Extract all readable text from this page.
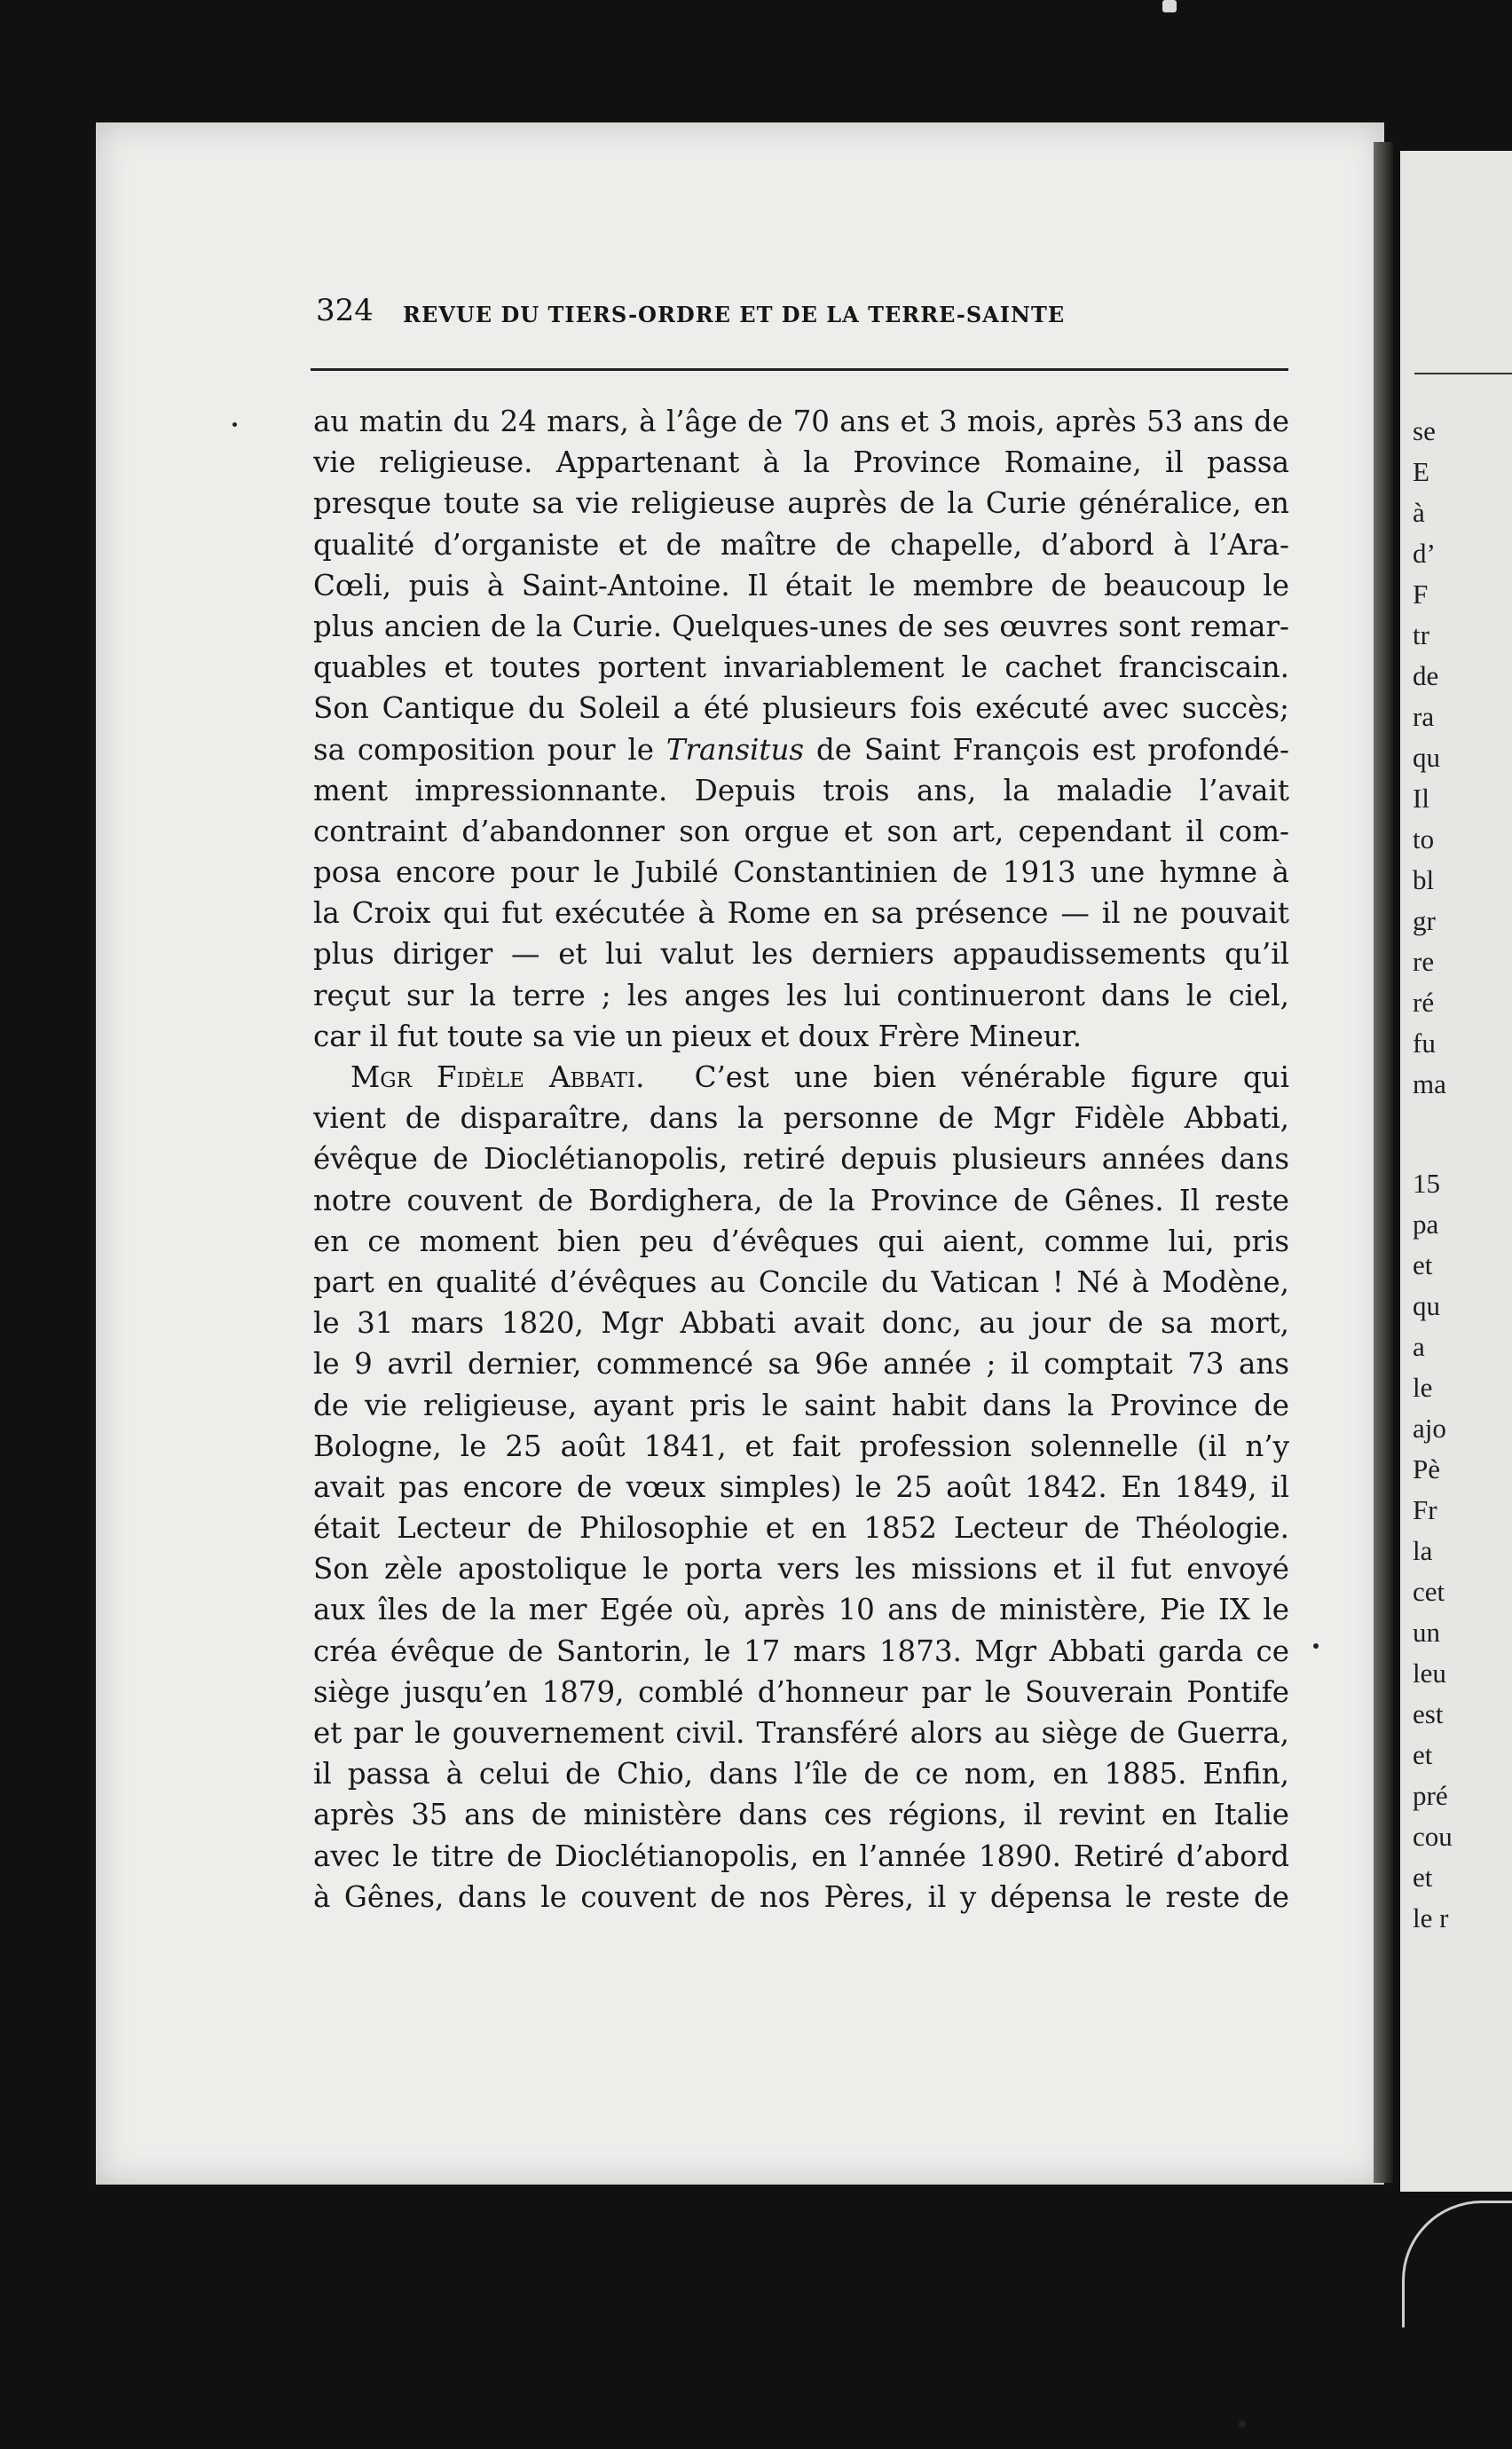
se
E
à
d’
F
tr
de
ra
qu
Il
to
bl
gr
re
ré
fu
ma
15
pa
et
qu
a
le
ajo
Pè
Fr
la
cet
un
leu
est
et
pré
cou
et
le r
324 REVUE DU TIERS-ORDRE ET DE LA TERRE-SAINTE
au matin du 24 mars, à l’âge de 70 ans et 3 mois, après 53 ans de
vie religieuse. Appartenant à la Province Romaine, il passa
presque toute sa vie religieuse auprès de la Curie généralice, en
qualité d’organiste et de maître de chapelle, d’abord à l’Ara-
Cœli, puis à Saint-Antoine. Il était le membre de beaucoup le
plus ancien de la Curie. Quelques-unes de ses œuvres sont remar-
quables et toutes portent invariablement le cachet franciscain.
Son Cantique du Soleil a été plusieurs fois exécuté avec succès;
sa composition pour le Transitus de Saint François est profondé-
ment impressionnante. Depuis trois ans, la maladie l’avait
contraint d’abandonner son orgue et son art, cependant il com-
posa encore pour le Jubilé Constantinien de 1913 une hymne à
la Croix qui fut exécutée à Rome en sa présence — il ne pouvait
plus diriger — et lui valut les derniers appaudissements qu’il
reçut sur la terre ; les anges les lui continueront dans le ciel,
car il fut toute sa vie un pieux et doux Frère Mineur.
Mgr Fidèle Abbati. C’est une bien vénérable figure qui
vient de disparaître, dans la personne de Mgr Fidèle Abbati,
évêque de Dioclétianopolis, retiré depuis plusieurs années dans
notre couvent de Bordighera, de la Province de Gênes. Il reste
en ce moment bien peu d’évêques qui aient, comme lui, pris
part en qualité d’évêques au Concile du Vatican ! Né à Modène,
le 31 mars 1820, Mgr Abbati avait donc, au jour de sa mort,
le 9 avril dernier, commencé sa 96e année ; il comptait 73 ans
de vie religieuse, ayant pris le saint habit dans la Province de
Bologne, le 25 août 1841, et fait profession solennelle (il n’y
avait pas encore de vœux simples) le 25 août 1842. En 1849, il
était Lecteur de Philosophie et en 1852 Lecteur de Théologie.
Son zèle apostolique le porta vers les missions et il fut envoyé
aux îles de la mer Egée où, après 10 ans de ministère, Pie IX le
créa évêque de Santorin, le 17 mars 1873. Mgr Abbati garda ce
siège jusqu’en 1879, comblé d’honneur par le Souverain Pontife
et par le gouvernement civil. Transféré alors au siège de Guerra,
il passa à celui de Chio, dans l’île de ce nom, en 1885. Enfin,
après 35 ans de ministère dans ces régions, il revint en Italie
avec le titre de Dioclétianopolis, en l’année 1890. Retiré d’abord
à Gênes, dans le couvent de nos Pères, il y dépensa le reste de
